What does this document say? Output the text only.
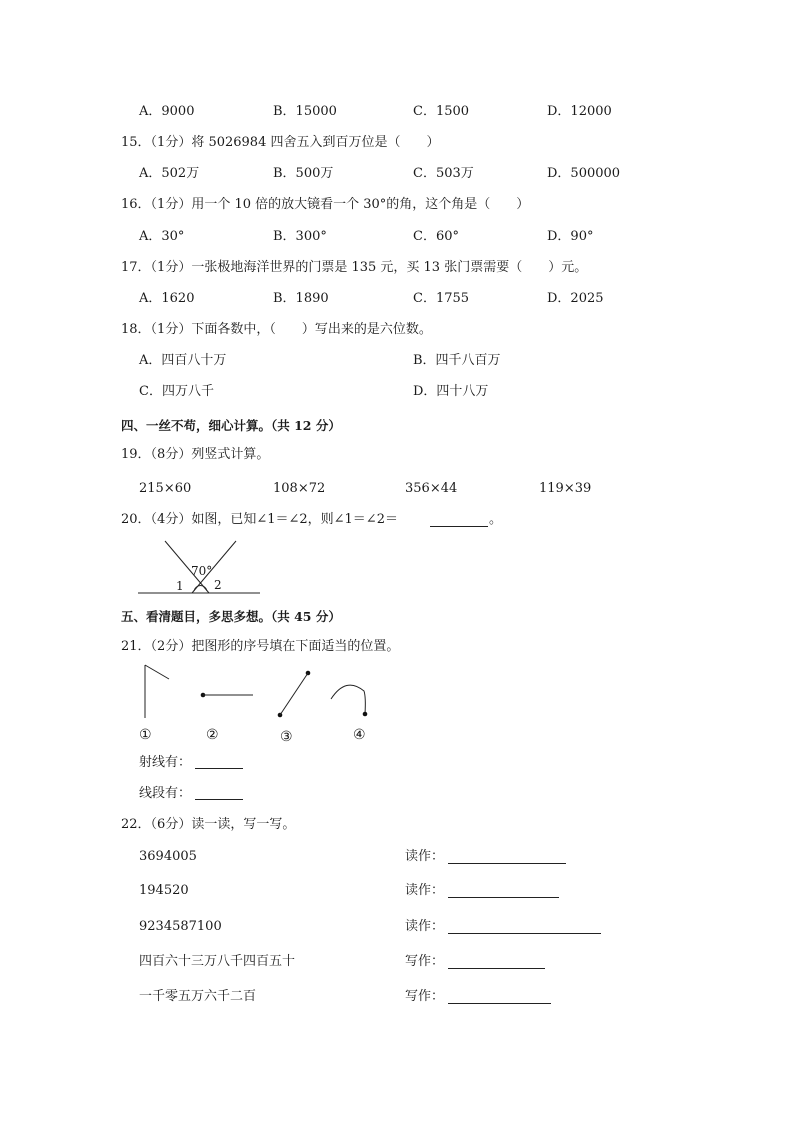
A．9000	B．15000	C．1500	D．12000
15．（1分）将 5026984 四舍五入到百万位是（　　）
A．502万	B．500万	C．503万	D．500000
16．（1分）用一个 10 倍的放大镜看一个 30°的角，这个角是（　　）
A．30°	B．300°	C．60°	D．90°
17．（1分）一张极地海洋世界的门票是 135 元，买 13 张门票需要（　　）元。
A．1620	B．1890	C．1755	D．2025
18．（1分）下面各数中，（　　）写出来的是六位数。
A．四百八十万	B．四千八百万
C．四万八千	D．四十八万
四、一丝不苟，细心计算。（共 12 分）
19．（8分）列竖式计算。
215×60	108×72	356×44	119×39
20．（4分）如图，已知∠1＝∠2，则∠1＝∠2＝	。
70°
1	2
五、看清题目，多思多想。（共 45 分）
21．（2分）把图形的序号填在下面适当的位置。
①	②	③	④
射线有：
线段有：
22．（6分）读一读，写一写。
3694005	读作：
194520	读作：
9234587100	读作：
四百六十三万八千四百五十	写作：
一千零五万六千二百	写作：
